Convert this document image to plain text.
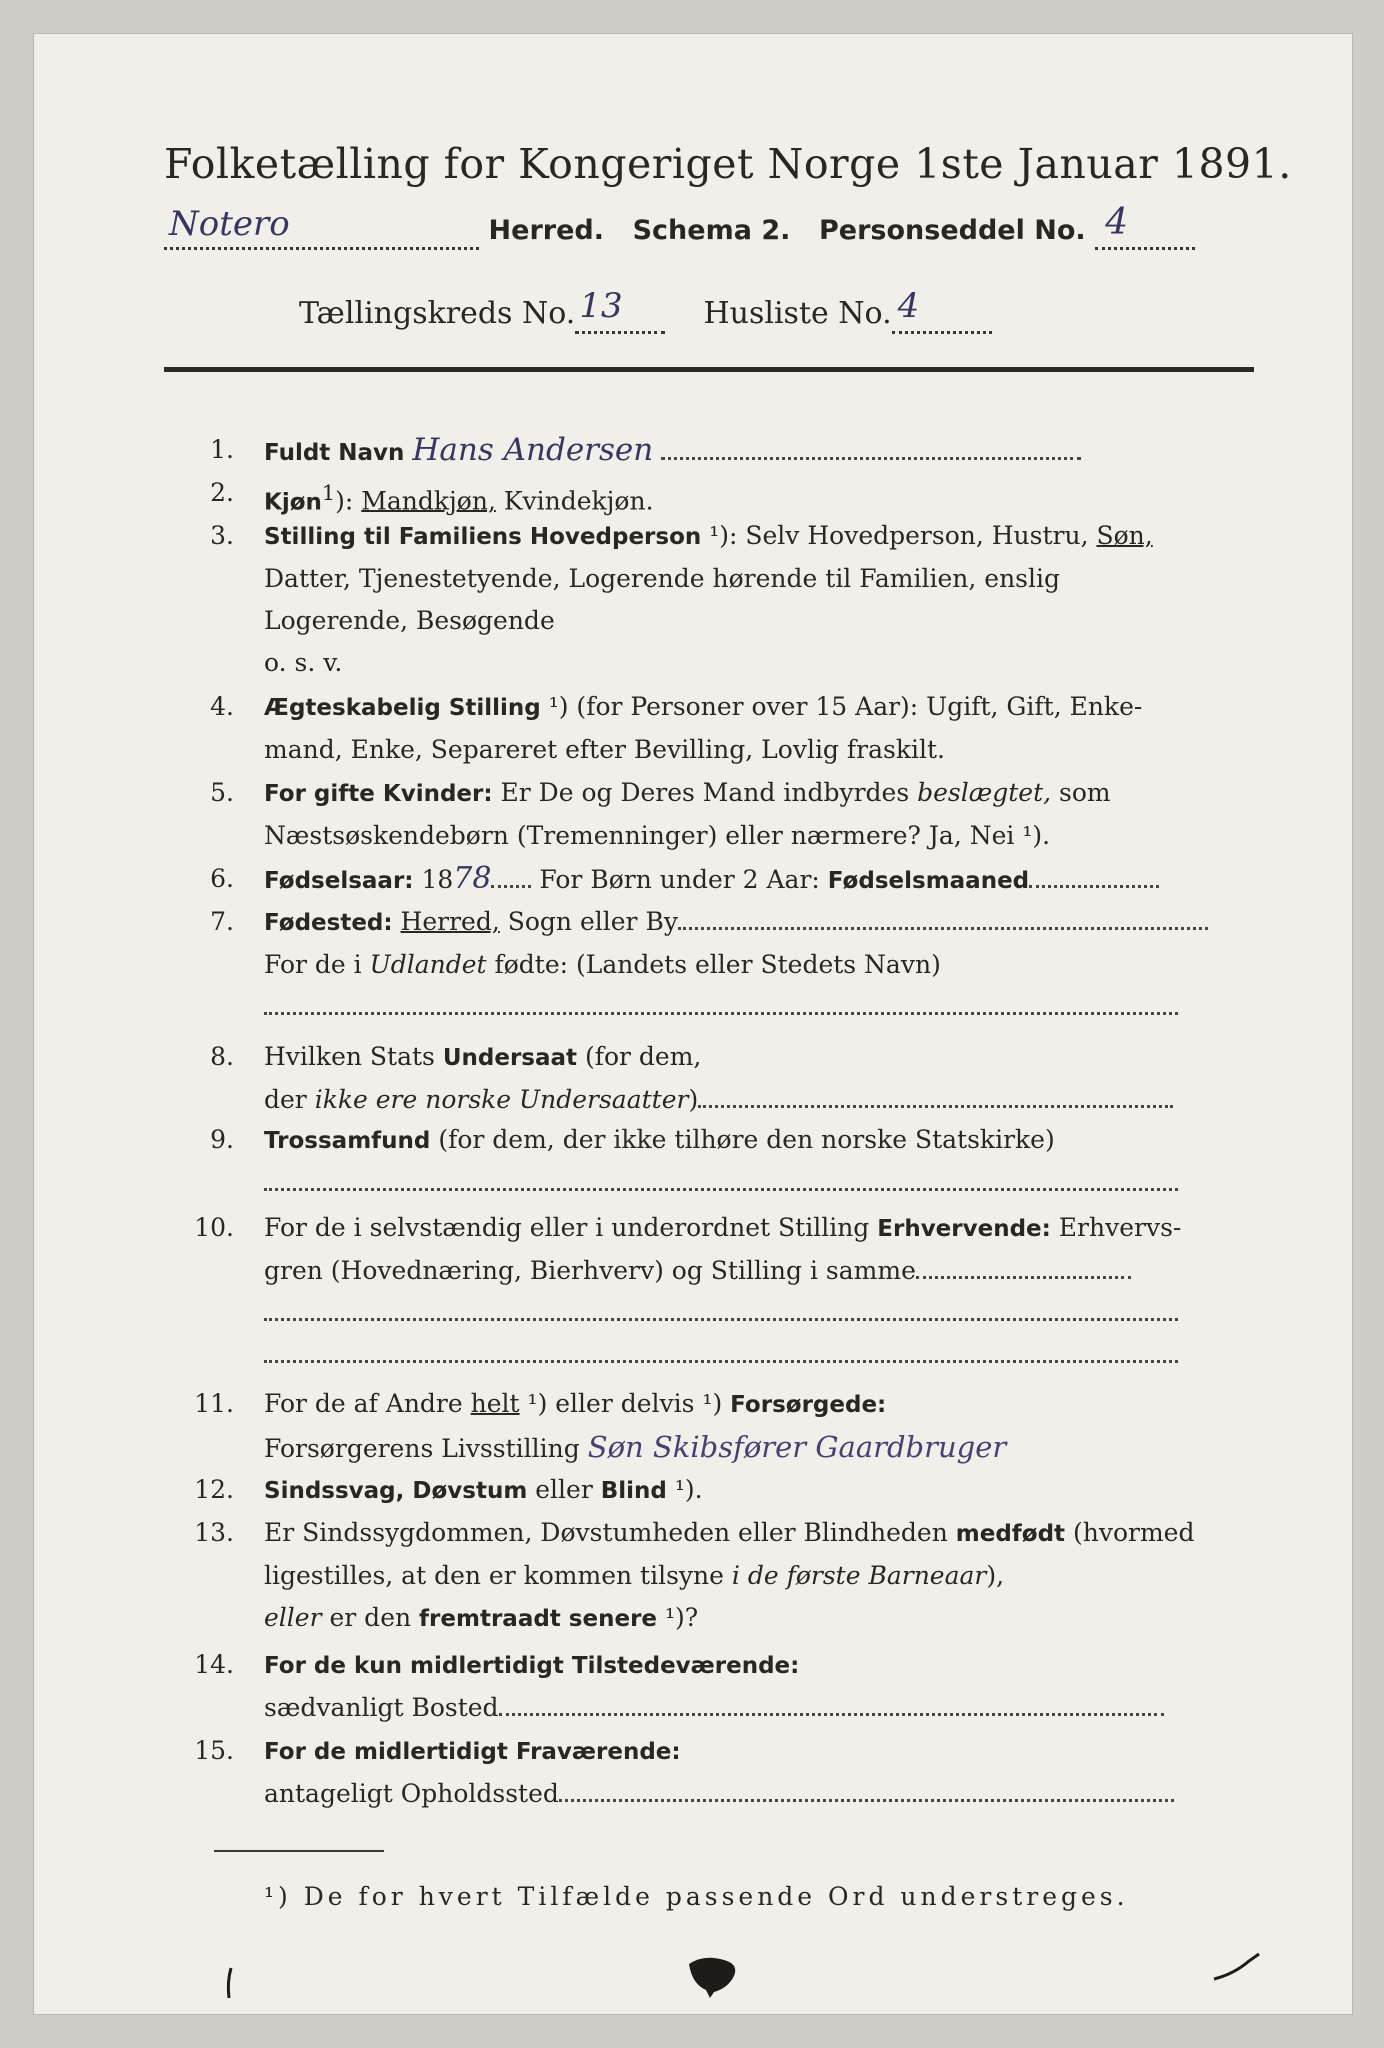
Folketælling for Kongeriget Norge 1ste Januar 1891.
Notero	Herred. Schema 2. Personseddel No. 4

Tællingskreds No. 13	Husliste No. 4

1. Fuldt Navn Hans Andersen
2. Kjøn$^1$): Mandkjøn, Kvindekjøn.
3. Stilling til Familiens Hovedperson ¹): Selv Hovedperson, Hustru, Søn,
Datter, Tjenestetyende, Logerende hørende til Familien, enslig
Logerende, Besøgende
o. s. v.
4. Ægteskabelig Stilling ¹) (for Personer over 15 Aar): Ugift, Gift, Enke-
mand, Enke, Separeret efter Bevilling, Lovlig fraskilt.
5. For gifte Kvinder: Er De og Deres Mand indbyrdes beslægtet, som
Næstsøskendebørn (Tremenninger) eller nærmere? Ja, Nei ¹).
6. Fødselsaar: 1878 For Børn under 2 Aar: Fødselsmaaned
7. Fødested: Herred, Sogn eller By
For de i Udlandet fødte: (Landets eller Stedets Navn)

8. Hvilken Stats Undersaat (for dem,
der ikke ere norske Undersaatter)
9. Trossamfund (for dem, der ikke tilhøre den norske Statskirke)

10. For de i selvstændig eller i underordnet Stilling Erhvervende: Erhvervs-
gren (Hovednæring, Bierhverv) og Stilling i samme

11. For de af Andre helt ¹) eller delvis ¹) Forsørgede:
Forsørgerens Livsstilling Søn Skibsfører Gaardbruger
12. Sindssvag, Døvstum eller Blind ¹).
13. Er Sindssygdommen, Døvstumheden eller Blindheden medfødt (hvormed
ligestilles, at den er kommen tilsyne i de første Barneaar),
eller er den fremtraadt senere ¹)?
14. For de kun midlertidigt Tilstedeværende:
sædvanligt Bosted
15. For de midlertidigt Fraværende:
antageligt Opholdssted
¹) De for hvert Tilfælde passende Ord understreges.
